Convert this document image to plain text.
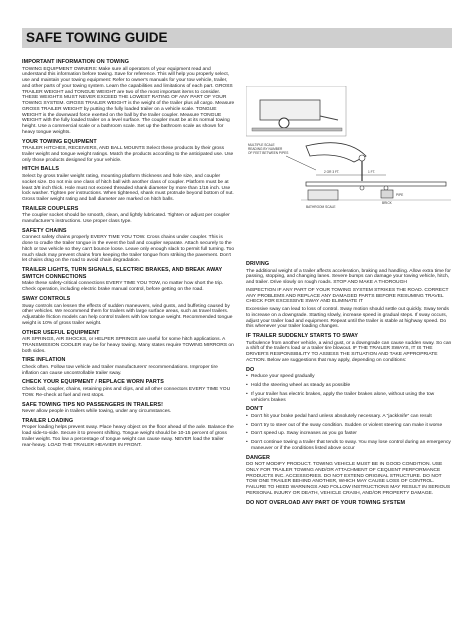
SAFE TOWING GUIDE
IMPORTANT INFORMATION ON TOWING

TOWING EQUIPMENT OWNERS: Make sure all operators of your equipment read and understand this information before towing. Save for reference. This will help you properly select, use and maintain your towing equipment: Refer to owner's manuals for your tow vehicle, trailer, and other parts of your towing system. Learn the capabilities and limitations of each part. GROSS TRAILER WEIGHT and TONGUE WEIGHT are two of the most important items to consider. THESE WEIGHTS MUST NEVER EXCEED THE LOWEST RATING OF ANY PART OF YOUR TOWING SYSTEM. GROSS TRAILER WEIGHT is the weight of the trailer plus all cargo. Measure GROSS TRAILER WEIGHT by putting the fully loaded trailer on a vehicle scale. TONGUE WEIGHT is the downward force exerted on the ball by the trailer coupler. Measure TONGUE WEIGHT with the fully loaded trailer on a level surface. The coupler must be at its normal towing height. Use a commercial scale or a bathroom scale. Set up the bathroom scale as shown for heavy tongue weights.

YOUR TOWING EQUIPMENT

TRAILER HITCHES, RECEIVERS, AND BALL MOUNTS Select these products by their gross trailer weight and tongue weight ratings. Match the products according to the anticipated use. Use only those products designed for your vehicle.

HITCH BALLS

Select by gross trailer weight rating, mounting platform thickness and hole size, and coupler socket size. Do not mix one class of hitch ball with another class of coupler. Platform must be at least 3/8 inch thick. Hole must not exceed threaded shank diameter by more than 1/16 inch. Use lock washer. Tighten per instructions. When tightened, shank must protrude beyond bottom of nut. Gross trailer weight rating and ball diameter are marked on hitch balls.

TRAILER COUPLERS

The coupler socket should be smooth, clean, and lightly lubricated. Tighten or adjust per coupler manufacturer's instructions. Use proper class type.

SAFETY CHAINS

Connect safety chains properly EVERY TIME YOU TOW. Cross chains under coupler. This is done to cradle the trailer tongue in the event the ball and coupler separate. Attach securely to the hitch or tow vehicle so they can't bounce loose. Leave only enough slack to permit full turning. Too much slack may prevent chains from keeping the trailer tongue from striking the pavement. Don't let chains drag on the road to avoid chain degradation.

TRAILER LIGHTS, TURN SIGNALS, ELECTRIC BRAKES, AND BREAK AWAY SWITCH CONNECTIONS

Make these safety-critical connections EVERY TIME YOU TOW, no matter how short the trip. Check operation, including electric brake manual control, before getting on the road.

SWAY CONTROLS

Sway controls can lessen the effects of sudden maneuvers, wind gusts, and buffeting caused by other vehicles. We recommend them for trailers with large surface areas, such as travel trailers. Adjustable friction models can help control trailers with low tongue weight. Recommended tongue weight is 10% of gross trailer weight.

OTHER USEFUL EQUIPMENT

AIR SPRINGS, AIR SHOCKS, or HELPER SPRINGS are useful for some hitch applications. A TRANSMISSION COOLER may be for heavy towing. Many states require TOWING MIRRORS on both sides.

TIRE INFLATION

Check often. Follow tow vehicle and trailer manufacturers' recommendations. Improper tire inflation can cause uncontrollable trailer sway.

CHECK YOUR EQUIPMENT / REPLACE WORN PARTS

Check ball, coupler, chains, retaining pins and clips, and all other connectors EVERY TIME YOU TOW. Re-check at fuel and rest stops.

SAFE TOWING TIPS NO PASSENGERS IN TRAILERS!

Never allow people in trailers while towing, under any circumstances.

TRAILER LOADING

Proper loading helps prevent sway. Place heavy object on the floor ahead of the axle. Balance the load side-to-side. Secure it to prevent shifting. Tongue weight should be 10-15 percent of gross trailer weight. Too low a percentage of tongue weight can cause sway. NEVER load the trailer rear-heavy. LOAD THE TRAILER HEAVIER IN FRONT.

MULTIPLE SCALE READING BY NUMBER OF FEET BETWEEN PIPES
2 OR 3 FT.	1 FT.
PIPE
BATHROOM SCALE
BRICK
DRIVING

The additional weight of a trailer affects acceleration, braking and handling. Allow extra time for passing, stopping, and changing lanes. Severe bumps can damage your towing vehicle, hitch, and trailer. Drive slowly on rough roads. STOP AND MAKE A THOROUGH

INSPECTION IF ANY PART OF YOUR TOWING SYSTEM STRIKES THE ROAD. CORRECT ANY PROBLEMS AND REPLACE ANY DAMAGED PARTS BEFORE RESUMING TRAVEL CHECK FOR EXCESSIVE SWAY AND ELIMINATE IT

Excessive sway can lead to loss of control. Sway motion should settle out quickly. Sway tends to increase on a downgrade. Starting slowly, increase speed in gradual steps. If sway occurs, adjust your trailer load and equipment. Repeat until the trailer is stable at highway speed. Do this whenever your trailer loading changes.

IF TRAILER SUDDENLY STARTS TO SWAY

Turbulence from another vehicle, a wind gust, or a downgrade can cause sudden sway. So can a shift of the trailer's load or a trailer tire blowout. IF THE TRAILER SWAYS, IT IS THE DRIVER'S RESPONSIBILITY TO ASSESS THE SITUATION AND TAKE APPROPRIATE ACTION. Below are suggestions that may apply, depending on conditions:

DO
• Reduce your speed gradually
• Hold the steering wheel as steady as possible
• If your trailer has electric brakes, apply the trailer brakes alone, without using the tow vehicle's brakes
DON'T
• Don't hit your brake pedal hard unless absolutely necessary. A "jackknife" can result
• Don't try to steer out of the sway condition. Sudden or violent steering can make it worse
• Don't speed up. Sway increases as you go faster
• Don't continue towing a trailer that tends to sway. You may lose control during an emergency maneuver or if the conditions listed above occur
DANGER

DO NOT MODIFY PRODUCT. TOWING VEHICLE MUST BE IN GOOD CONDITION. USE ONLY FOR TRAILER TOWING AND/OR ATTACHMENT OF CEQUENT PERFORMANCE PRODUCTS INC. ACCESSORIES. DO NOT EXTEND ORIGINAL STRUCTURE. DO NOT TOW ONE TRAILER BEHIND ANOTHER, WHICH MAY CAUSE LOSS OF CONTROL. FAILURE TO HEED WARNINGS AND FOLLOW INSTRUCTIONS MAY RESULT IN SERIOUS PERSONAL INJURY OR DEATH, VEHICLE CRASH, AND/OR PROPERTY DAMAGE.

DO NOT OVERLOAD ANY PART OF YOUR TOWING SYSTEM
